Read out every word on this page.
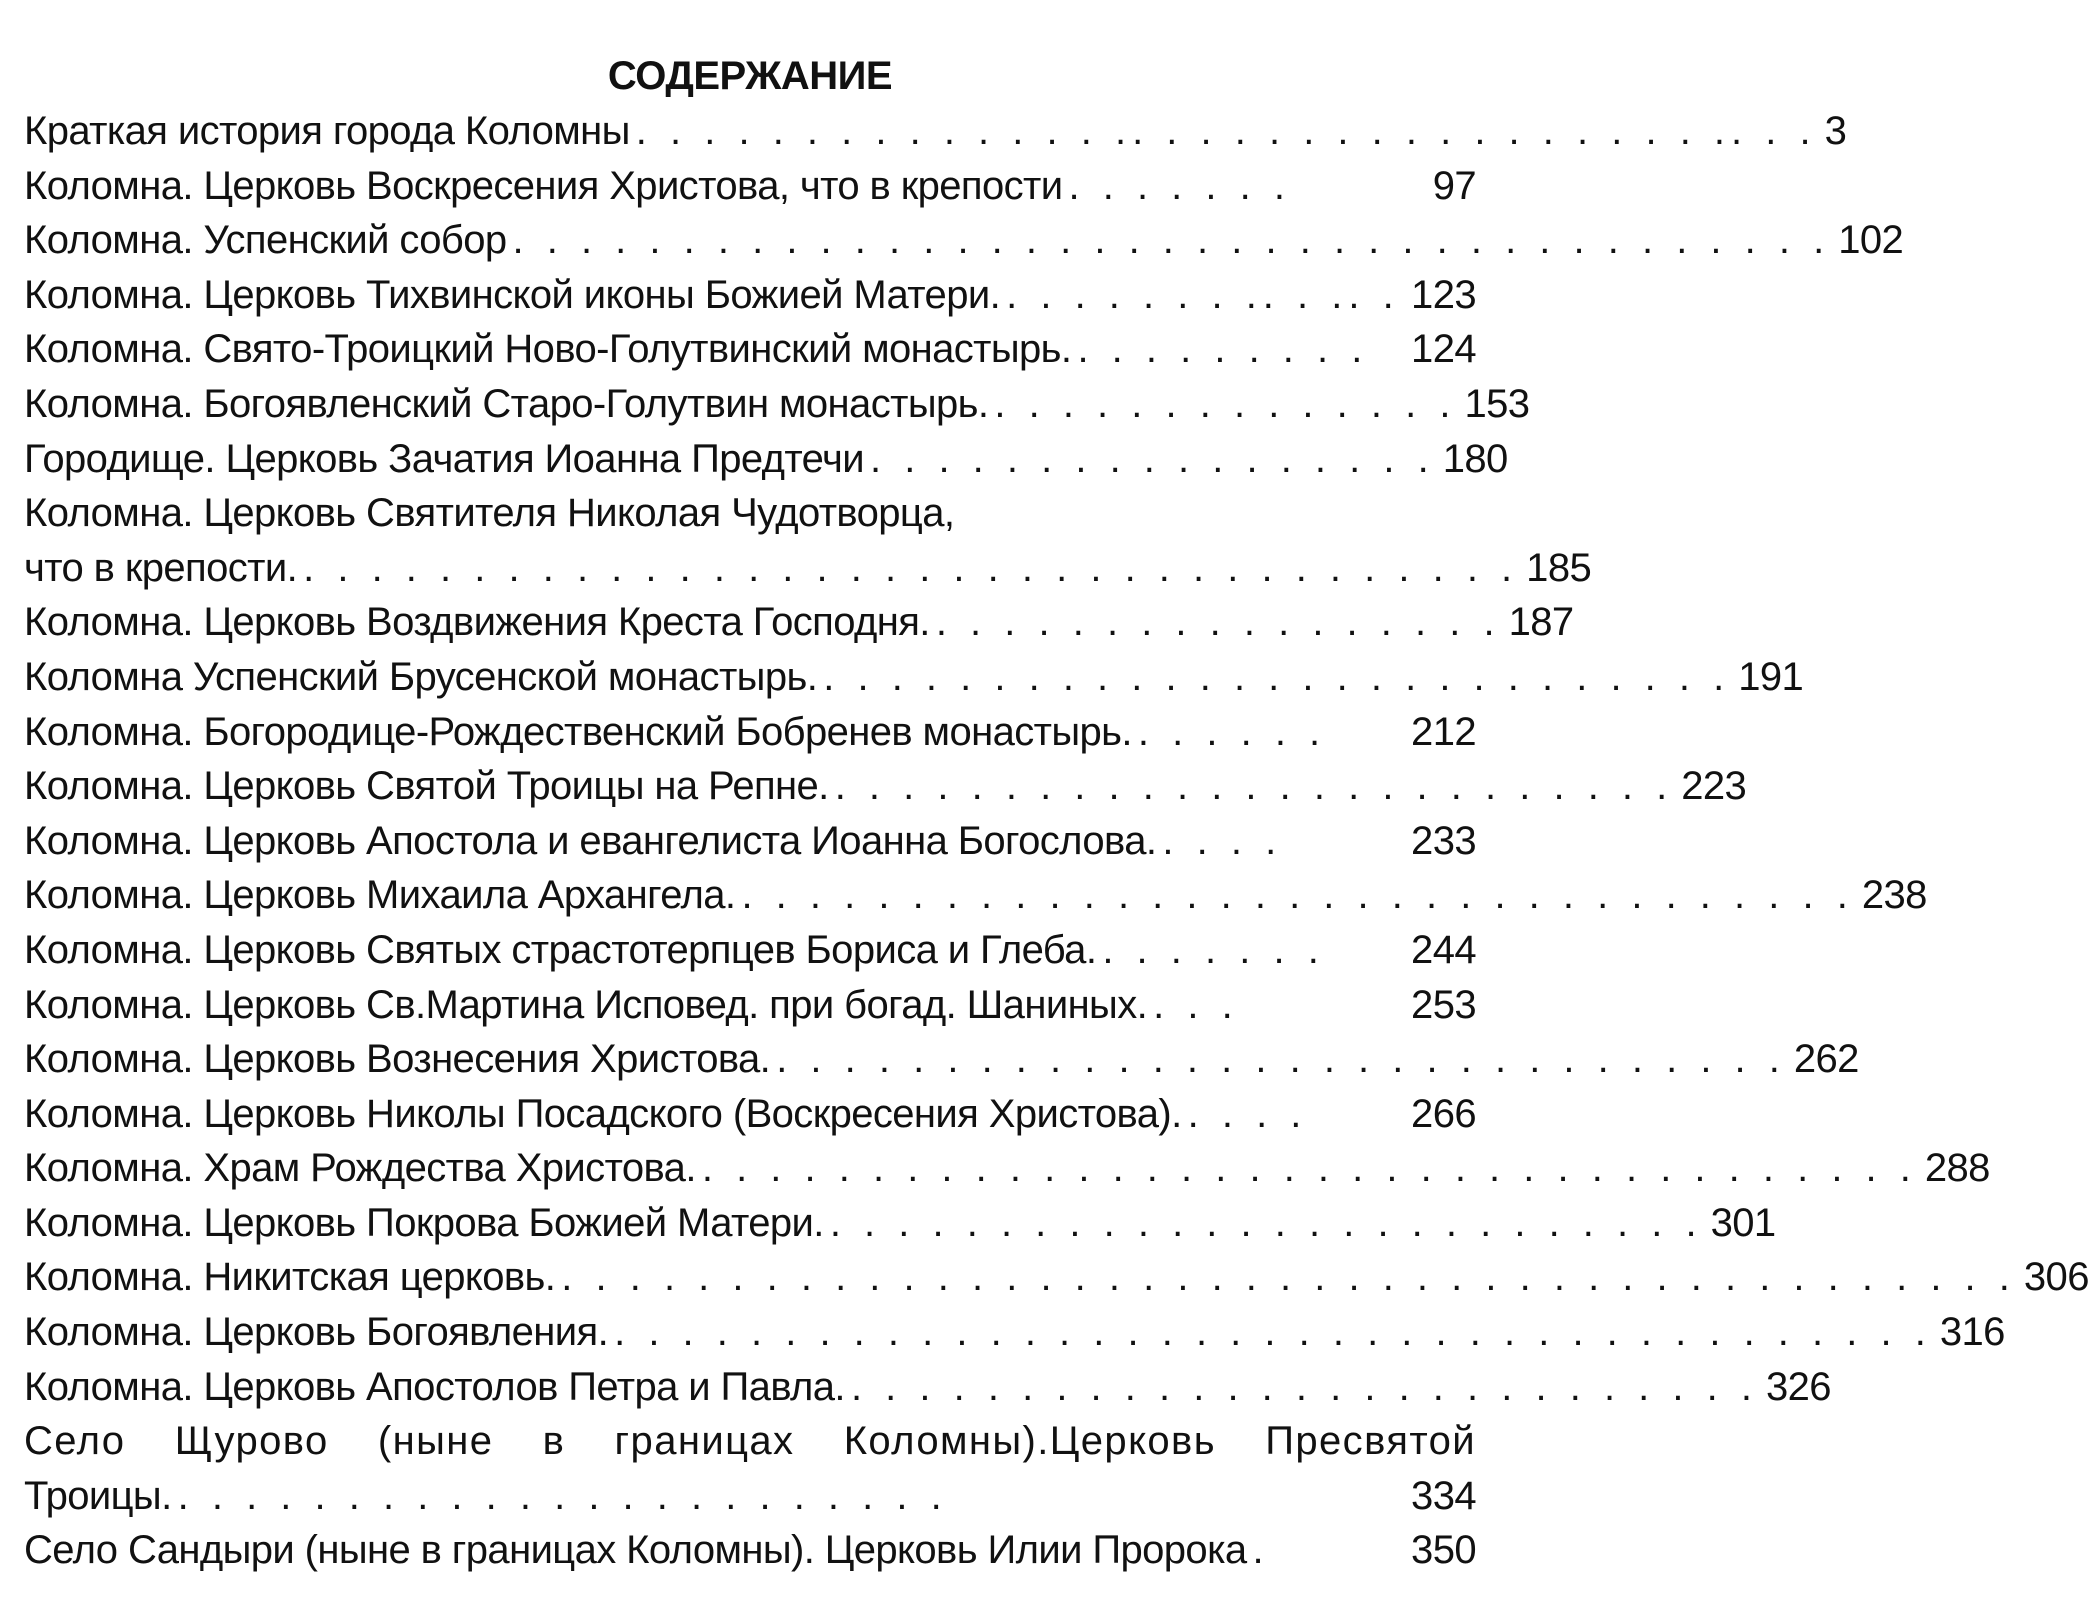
СОДЕРЖАНИЕ
Краткая история города Коломны . . . . . . . . . . . . . . .. . . . . . . . . . . . . . . . . .. . . 3
Коломна. Церковь Воскресения Христова, что в крепости . . . . . . .	97
Коломна. Успенский собор . . . . . . . . . . . . . . . . . . . . . . . . . . . . . . . . . . . . . . . 102
Коломна. Церковь Тихвинской иконы Божией Матери. . . . . . . . .. . .. . 123
Коломна. Свято-Троицкий Ново-Голутвинский монастырь. . . . . . . . . .	124
Коломна. Богоявленский Старо-Голутвин монастырь. . . . . . . . . . . . . . . 153
Городище. Церковь Зачатия Иоанна Предтечи . . . . . . . . . . . . . . . . . 180
Коломна. Церковь Святителя Николая Чудотворца,
что в крепости. . . . . . . . . . . . . . . . . . . . . . . . . . . . . . . . . . . . . 185
Коломна. Церковь Воздвижения Креста Господня. . . . . . . . . . . . . . . . . . 187
Коломна Успенский Брусенской монастырь. . . . . . . . . . . . . . . . . . . . . . . . . . . . 191
Коломна. Богородице-Рождественский Бобренев монастырь. . . . . . .	212
Коломна. Церковь Святой Троицы на Репне. . . . . . . . . . . . . . . . . . . . . . . . . . 223
Коломна. Церковь Апостола и евангелиста Иоанна Богослова. . . . .	233
Коломна. Церковь Михаила Архангела. . . . . . . . . . . . . . . . . . . . . . . . . . . . . . . . . . 238
Коломна. Церковь Святых страстотерпцев Бориса и Глеба. . . . . . . .	244
Коломна. Церковь Св.Мартина Исповед. при богад. Шаниных. . . .	253
Коломна. Церковь Вознесения Христова. . . . . . . . . . . . . . . . . . . . . . . . . . . . . . . 262
Коломна. Церковь Николы Посадского (Воскресения Христова). . . . .	266
Коломна. Храм Рождества Христова. . . . . . . . . . . . . . . . . . . . . . . . . . . . . . . . . . . . . 288
Коломна. Церковь Покрова Божией Матери. . . . . . . . . . . . . . . . . . . . . . . . . . . 301
Коломна. Никитская церковь. . . . . . . . . . . . . . . . . . . . . . . . . . . . . . . . . . . . . . . . . . . . 306
Коломна. Церковь Богоявления. . . . . . . . . . . . . . . . . . . . . . . . . . . . . . . . . . . . . . . . 316
Коломна. Церковь Апостолов Петра и Павла. . . . . . . . . . . . . . . . . . . . . . . . . . . . 326
Село Щурово (ныне в границах Коломны).Церковь Пресвятой
Троицы. . . . . . . . . . . . . . . . . . . . . . . .	334
Село Сандыри (ныне в границах Коломны). Церковь Илии Пророка .	350
